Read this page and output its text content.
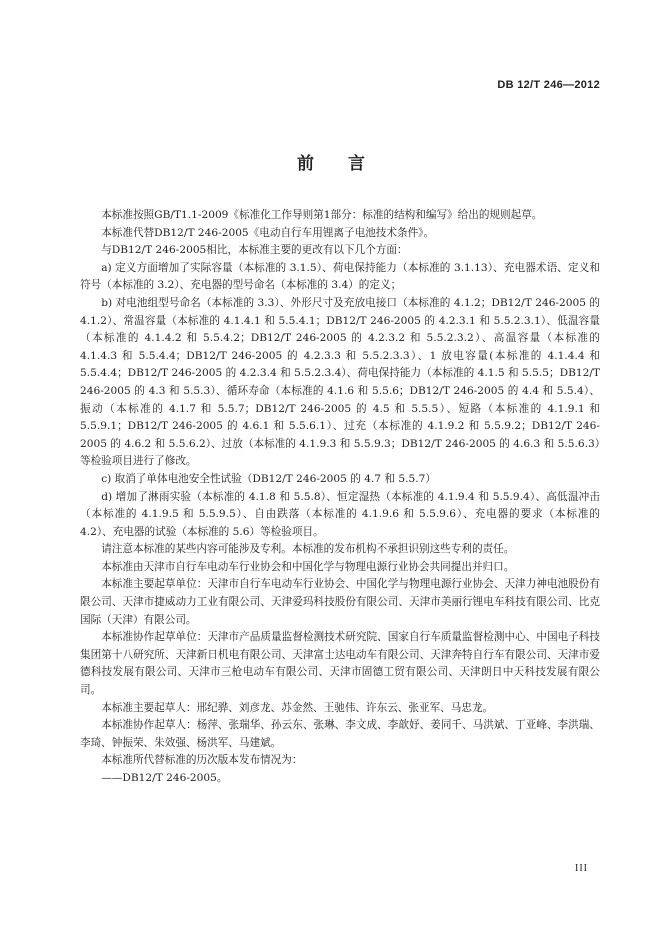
DB 12/T 246—2012
前言

本标准按照GB/T1.1-2009《标准化工作导则第1部分：标准的结构和编写》给出的规则起草。

本标准代替DB12/T 246-2005《电动自行车用锂离子电池技术条件》。

与DB12/T 246-2005相比，本标准主要的更改有以下几个方面：

a) 定义方面增加了实际容量（本标准的 3.1.5）、荷电保持能力（本标准的 3.1.13）、充电器术语、定义和符号（本标准的 3.2）、充电器的型号命名（本标准的 3.4）的定义；

b) 对电池组型号命名（本标准的 3.3）、外形尺寸及充放电接口（本标准的 4.1.2；DB12/T 246-2005 的 4.1.2）、常温容量（本标准的 4.1.4.1 和 5.5.4.1；DB12/T 246-2005 的 4.2.3.1 和 5.5.2.3.1）、低温容量（本标准的 4.1.4.2 和 5.5.4.2；DB12/T 246-2005 的 4.2.3.2 和 5.5.2.3.2）、高温容量（本标准的 4.1.4.3 和 5.5.4.4；DB12/T 246-2005 的 4.2.3.3 和 5.5.2.3.3）、1 放电容量(本标准的 4.1.4.4 和 5.5.4.4；DB12/T 246-2005 的 4.2.3.4 和 5.5.2.3.4）、荷电保持能力（本标准的 4.1.5 和 5.5.5；DB12/T 246-2005 的 4.3 和 5.5.3）、循环寿命（本标准的 4.1.6 和 5.5.6；DB12/T 246-2005 的 4.4 和 5.5.4）、振动（本标准的 4.1.7 和 5.5.7；DB12/T 246-2005 的 4.5 和 5.5.5）、短路（本标准的 4.1.9.1 和 5.5.9.1；DB12/T 246-2005 的 4.6.1 和 5.5.6.1）、过充（本标准的 4.1.9.2 和 5.5.9.2；DB12/T 246-2005 的 4.6.2 和 5.5.6.2）、过放（本标准的 4.1.9.3 和 5.5.9.3；DB12/T 246-2005 的 4.6.3 和 5.5.6.3）等检验项目进行了修改。

c) 取消了单体电池安全性试验（DB12/T 246-2005 的 4.7 和 5.5.7）

d) 增加了淋雨实验（本标准的 4.1.8 和 5.5.8）、恒定湿热（本标准的 4.1.9.4 和 5.5.9.4）、高低温冲击（本标准的 4.1.9.5 和 5.5.9.5）、自由跌落（本标准的 4.1.9.6 和 5.5.9.6）、充电器的要求（本标准的 4.2）、充电器的试验（本标准的 5.6）等检验项目。

请注意本标准的某些内容可能涉及专利。本标准的发布机构不承担识别这些专利的责任。

本标准由天津市自行车电动车行业协会和中国化学与物理电源行业协会共同提出并归口。

本标准主要起草单位：天津市自行车电动车行业协会、中国化学与物理电源行业协会、天津力神电池股份有限公司、天津市捷威动力工业有限公司、天津爱玛科技股份有限公司、天津市美丽行锂电车科技有限公司、比克国际（天津）有限公司。

本标准协作起草单位：天津市产品质量监督检测技术研究院、国家自行车质量监督检测中心、中国电子科技集团第十八研究所、天津新日机电有限公司、天津富士达电动车有限公司、天津奔特自行车有限公司、天津市爱德科技发展有限公司、天津市三枪电动车有限公司、天津市固德工贸有限公司、天津朗日中天科技发展有限公司。

本标准主要起草人：邢纪骅、刘彦龙、苏金然、王驰伟、许东云、张亚军、马忠龙。

本标准协作起草人：杨萍、张瑞华、孙云东、张琳、李文成、李歆妤、姜同千、马洪斌、丁亚峰、李洪瑞、李琦、钟振荣、朱效强、杨洪军、马建斌。

本标准所代替标准的历次版本发布情况为：

——DB12/T 246-2005。

III
